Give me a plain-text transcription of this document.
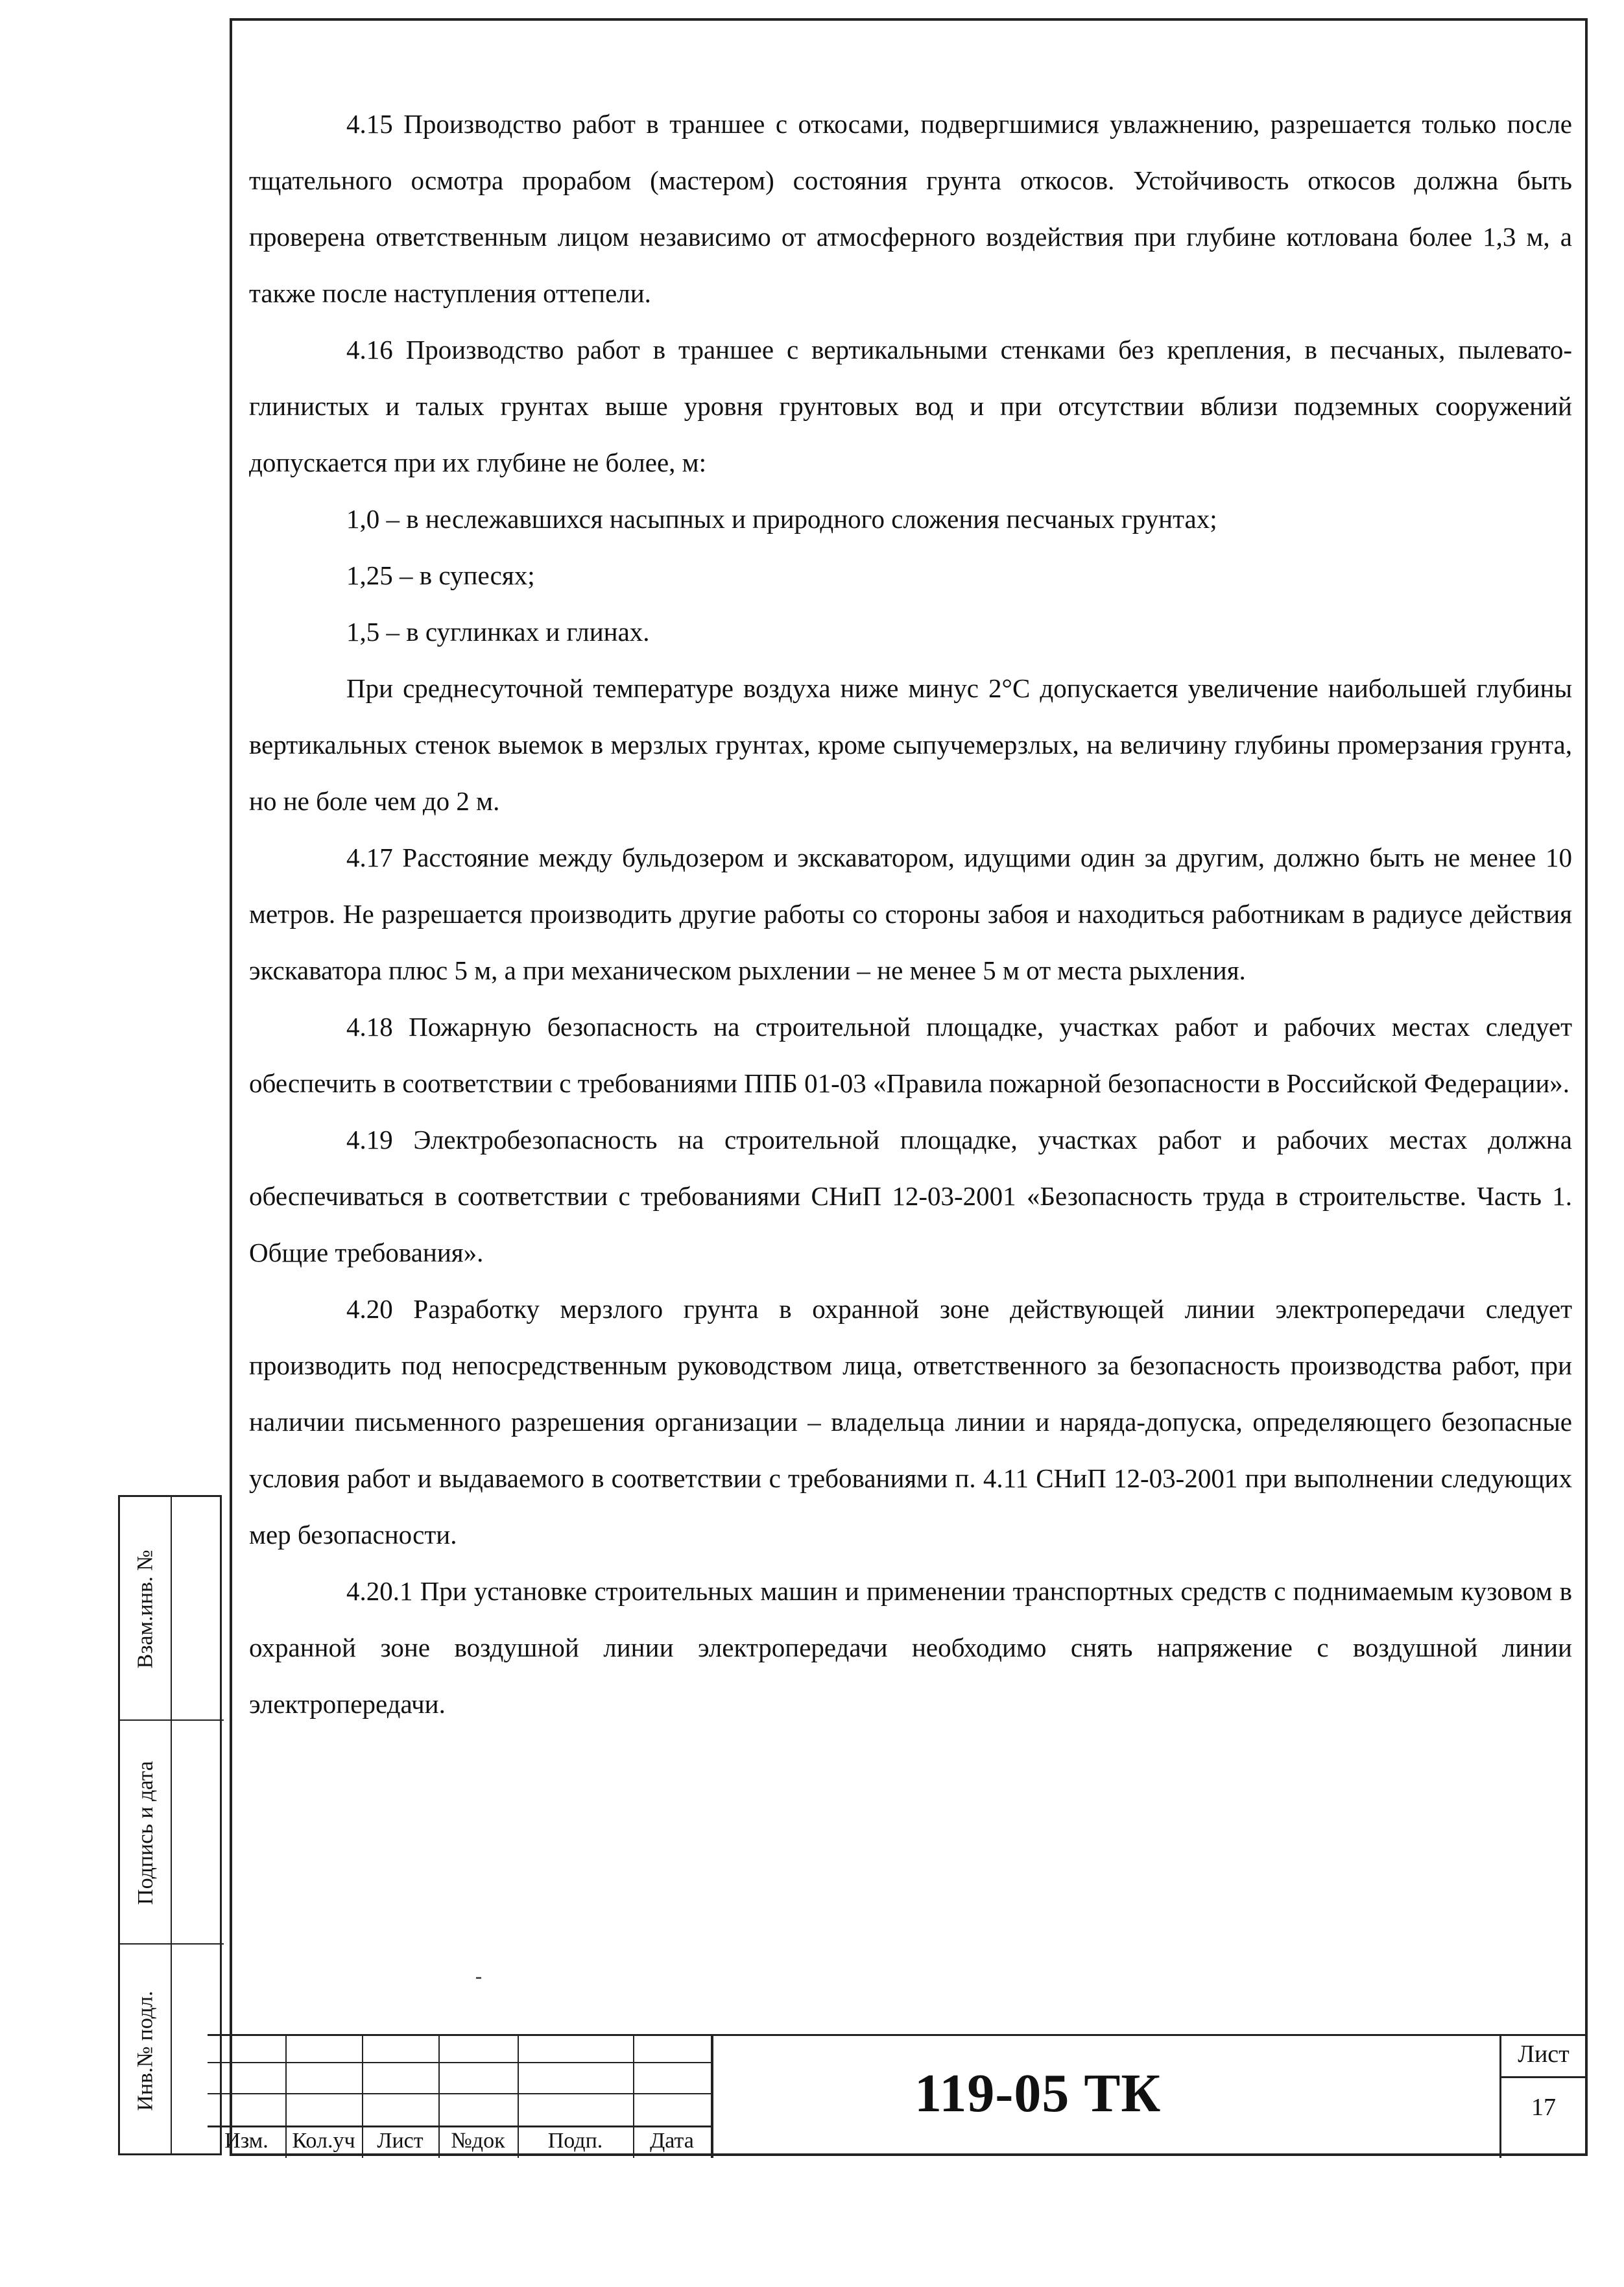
4.15 Производство работ в траншее с откосами, подвергшимися увлажнению, разрешается только после тщательного осмотра прорабом (мастером) состояния грунта откосов. Устойчивость откосов должна быть проверена ответственным лицом независимо от атмосферного воздействия при глубине котлована более 1,3 м, а также после наступления оттепели.

4.16 Производство работ в траншее с вертикальными стенками без крепления, в песчаных, пылевато-глинистых и талых грунтах выше уровня грунтовых вод и при отсутствии вблизи подземных сооружений допускается при их глубине не более, м:

1,0 – в неслежавшихся насыпных и природного сложения песчаных грунтах;

1,25 – в супесях;

1,5 – в суглинках и глинах.

При среднесуточной температуре воздуха ниже минус 2°С допускается увеличение наибольшей глубины вертикальных стенок выемок в мерзлых грунтах, кроме сыпучемерзлых, на величину глубины промерзания грунта, но не боле чем до 2 м.

4.17 Расстояние между бульдозером и экскаватором, идущими один за другим, должно быть не менее 10 метров. Не разрешается производить другие работы со стороны забоя и находиться работникам в радиусе действия экскаватора плюс 5 м, а при механическом рыхлении – не менее 5 м от места рыхления.

4.18 Пожарную безопасность на строительной площадке, участках работ и рабочих местах следует обеспечить в соответствии с требованиями ППБ 01-03 «Правила пожарной безопасности в Российской Федерации».

4.19 Электробезопасность на строительной площадке, участках работ и рабочих местах должна обеспечиваться в соответствии с требованиями СНиП 12-03-2001 «Безопасность труда в строительстве. Часть 1. Общие требования».

4.20 Разработку мерзлого грунта в охранной зоне действующей линии электропередачи следует производить под непосредственным руководством лица, ответственного за безопасность производства работ, при наличии письменного разрешения организации – владельца линии и наряда-допуска, определяющего безопасные условия работ и выдаваемого в соответствии с требованиями п. 4.11 СНиП 12-03-2001 при выполнении следующих мер безопасности.

4.20.1 При установке строительных машин и применении транспортных средств с поднимаемым кузовом в охранной зоне воздушной линии электропередачи необходимо снять напряжение с воздушной линии электропередачи.

Взам.инв. №
Подпись и дата
Инв.№ подл.
Изм.	Кол.уч Лист	№док	Подп.	Дата
119-05 ТК
Лист
17
